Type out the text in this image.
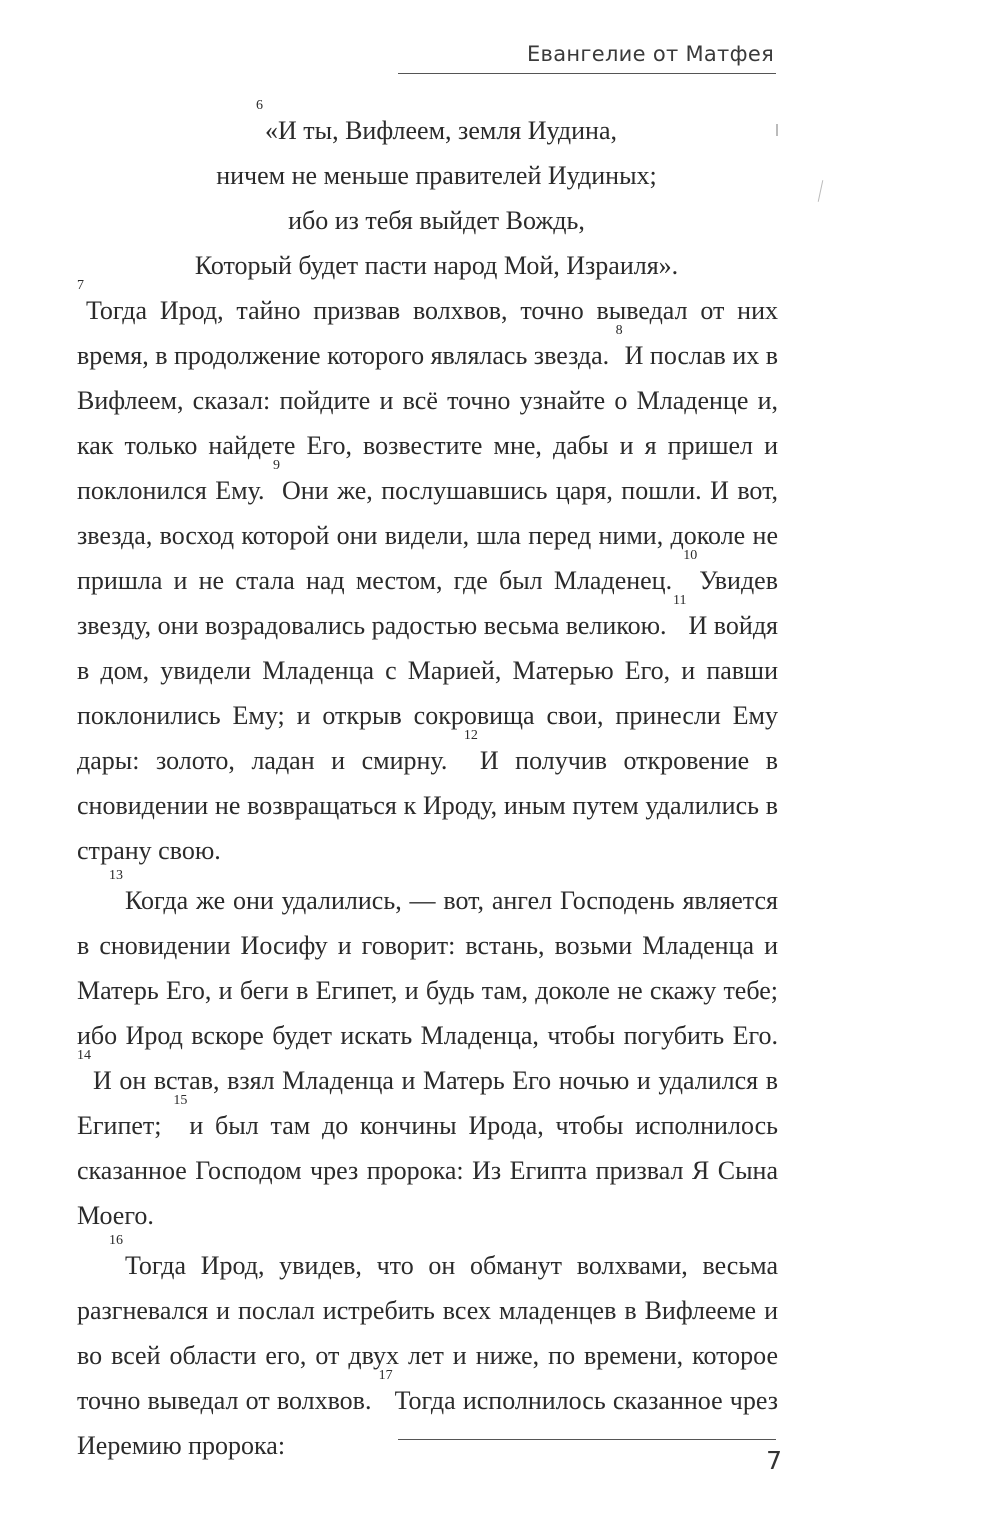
Евангелие от Матфея
$^6$«И ты, Вифлеем, земля Иудина,
ничем не меньше правителей Иудиных;
ибо из тебя выйдет Вождь,
Который будет пасти народ Мой, Израиля».

$^7$Тогда Ирод, тайно призвав волхвов, точно выведал от них время, в продолжение которого являлась звезда. $^8$И послав их в Вифлеем, сказал: пойдите и всё точно узнайте о Младенце и, как только найдете Его, возвестите мне, дабы и я пришел и поклонился Ему. $^9$Они же, послушавшись царя, пошли. И вот, звезда, восход которой они видели, шла перед ними, доколе не пришла и не стала над местом, где был Младенец. $^{10}$Увидев звезду, они возрадовались радостью весьма великою. $^{11}$И войдя в дом, увидели Младенца с Марией, Матерью Его, и павши поклонились Ему; и открыв сокровища свои, принесли Ему дары: золото, ладан и смирну. $^{12}$И получив откровение в сновидении не возвращаться к Ироду, иным путем удалились в страну свою.

$^{13}$Когда же они удалились, — вот, ангел Господень является в сновидении Иосифу и говорит: встань, возьми Младенца и Матерь Его, и беги в Египет, и будь там, доколе не скажу тебе; ибо Ирод вскоре будет искать Младенца, чтобы погубить Его. $^{14}$И он встав, взял Младенца и Матерь Его ночью и удалился в Египет; $^{15}$и был там до кончины Ирода, чтобы исполнилось сказанное Господом чрез пророка: Из Египта призвал Я Сына Моего.

$^{16}$Тогда Ирод, увидев, что он обманут волхвами, весьма разгневался и послал истребить всех младенцев в Вифлееме и во всей области его, от двух лет и ниже, по времени, которое точно выведал от волхвов. $^{17}$Тогда исполнилось сказанное чрез Иеремию пророка:

7
